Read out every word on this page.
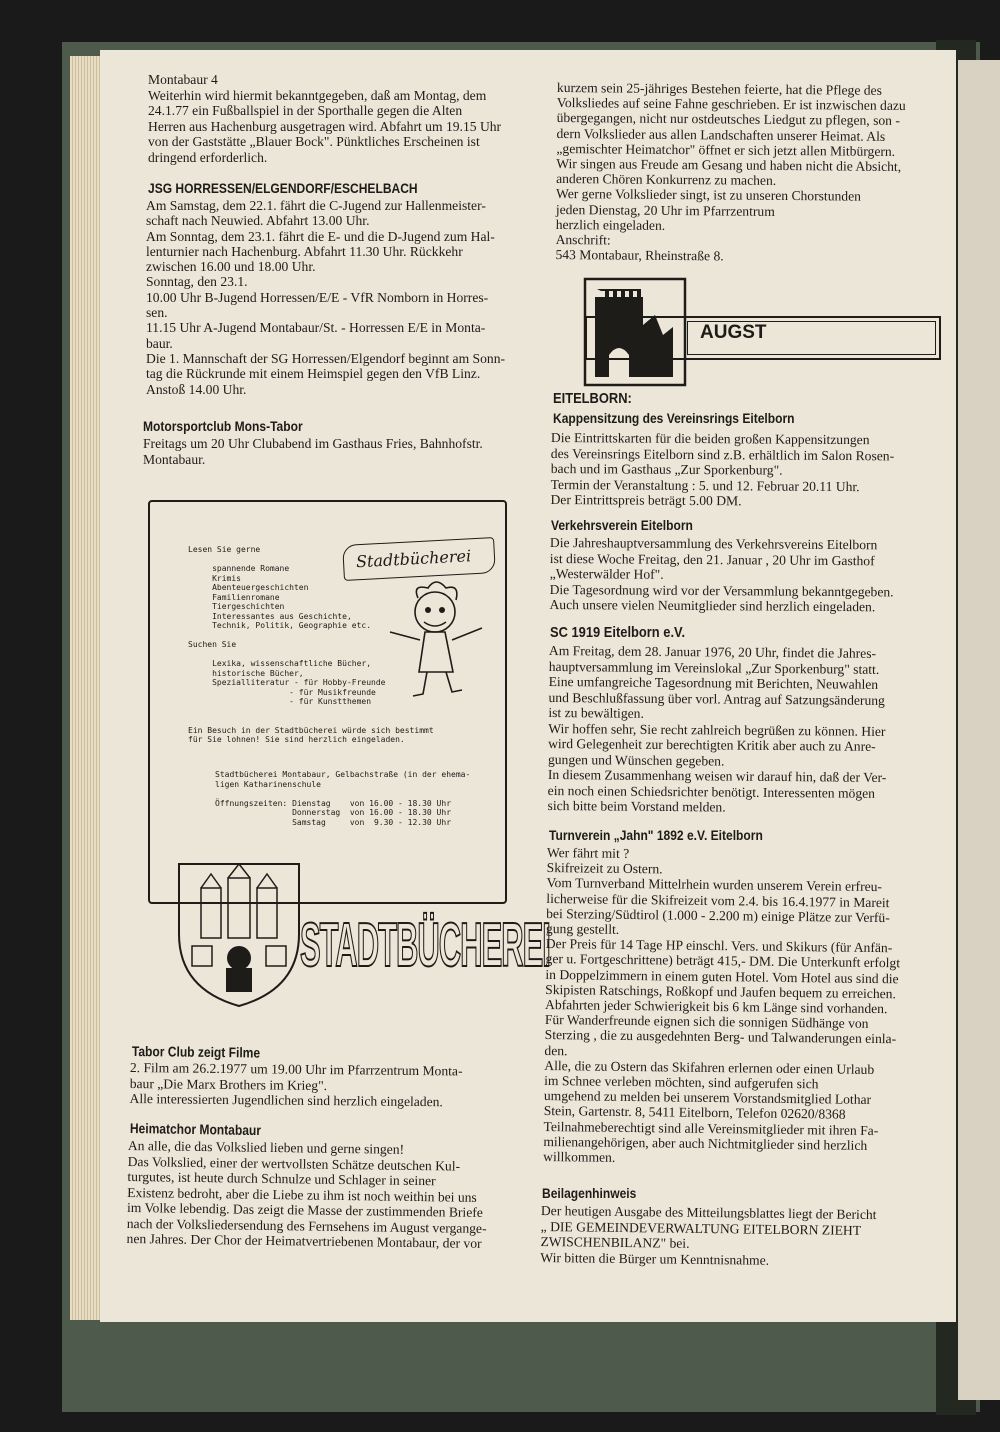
Montabaur 4

Weiterhin wird hiermit bekanntgegeben, daß am Montag, dem

24.1.77 ein Fußballspiel in der Sporthalle gegen die Alten

Herren aus Hachenburg ausgetragen wird. Abfahrt um 19.15 Uhr

von der Gaststätte „Blauer Bock". Pünktliches Erscheinen ist

dringend erforderlich.

JSG HORRESSEN/ELGENDORF/ESCHELBACH

Am Samstag, dem 22.1. fährt die C-Jugend zur Hallenmeister-

schaft nach Neuwied. Abfahrt 13.00 Uhr.

Am Sonntag, dem 23.1. fährt die E- und die D-Jugend zum Hal-

lenturnier nach Hachenburg. Abfahrt 11.30 Uhr. Rückkehr

zwischen 16.00 und 18.00 Uhr.

Sonntag, den 23.1.

10.00 Uhr B-Jugend Horressen/E/E - VfR Nomborn in Horres-

sen.

11.15 Uhr A-Jugend Montabaur/St. - Horressen E/E in Monta-

baur.

Die 1. Mannschaft der SG Horressen/Elgendorf beginnt am Sonn-

tag die Rückrunde mit einem Heimspiel gegen den VfB Linz.

Anstoß 14.00 Uhr.

Motorsportclub Mons-Tabor

Freitags um 20 Uhr Clubabend im Gasthaus Fries, Bahnhofstr.

Montabaur.

Lesen Sie gerne

spannende Romane
Krimis
Abenteuergeschichten
Familienromane
Tiergeschichten
Interessantes aus Geschichte,
Technik, Politik, Geographie etc.

Suchen Sie

Lexika, wissenschaftliche Bücher,
historische Bücher,
Spezialliteratur - für Hobby-Freunde
- für Musikfreunde
- für Kunstthemen

Ein Besuch in der Stadtbücherei würde sich bestimmt
für Sie lohnen! Sie sind herzlich eingeladen.
Stadtbücherei Montabaur, Gelbachstraße (in der ehema-
ligen Katharinenschule

Öffnungszeiten: Dienstag    von 16.00 - 18.30 Uhr
Donnerstag  von 16.00 - 18.30 Uhr
Samstag     von  9.30 - 12.30 Uhr
Stadtbücherei
STADTBÜCHEREI
Tabor Club zeigt Filme

2. Film am 26.2.1977 um 19.00 Uhr im Pfarrzentrum Monta-

baur „Die Marx Brothers im Krieg".

Alle interessierten Jugendlichen sind herzlich eingeladen.

Heimatchor Montabaur

An alle, die das Volkslied lieben und gerne singen!

Das Volkslied, einer der wertvollsten Schätze deutschen Kul-

turgutes, ist heute durch Schnulze und Schlager in seiner

Existenz bedroht, aber die Liebe zu ihm ist noch weithin bei uns

im Volke lebendig. Das zeigt die Masse der zustimmenden Briefe

nach der Volksliedersendung des Fernsehens im August vergange-

nen Jahres. Der Chor der Heimatvertriebenen Montabaur, der vor

kurzem sein 25-jähriges Bestehen feierte, hat die Pflege des

Volksliedes auf seine Fahne geschrieben. Er ist inzwischen dazu

übergegangen, nicht nur ostdeutsches Liedgut zu pflegen, son -

dern Volkslieder aus allen Landschaften unserer Heimat. Als

„gemischter Heimatchor" öffnet er sich jetzt allen Mitbürgern.

Wir singen aus Freude am Gesang und haben nicht die Absicht,

anderen Chören Konkurrenz zu machen.

Wer gerne Volkslieder singt, ist zu unseren Chorstunden

jeden Dienstag, 20 Uhr im Pfarrzentrum

herzlich eingeladen.

Anschrift:

543 Montabaur, Rheinstraße 8.

AUGST
EITELBORN:
Kappensitzung des Vereinsrings Eitelborn

Die Eintrittskarten für die beiden großen Kappensitzungen

des Vereinsrings Eitelborn sind z.B. erhältlich im Salon Rosen-

bach und im Gasthaus „Zur Sporkenburg".

Termin der Veranstaltung : 5. und 12. Februar 20.11 Uhr.

Der Eintrittspreis beträgt 5.00 DM.

Verkehrsverein Eitelborn

Die Jahreshauptversammlung des Verkehrsvereins Eitelborn

ist diese Woche Freitag, den 21. Januar , 20 Uhr im Gasthof

„Westerwälder Hof".

Die Tagesordnung wird vor der Versammlung bekanntgegeben.

Auch unsere vielen Neumitglieder sind herzlich eingeladen.

SC 1919 Eitelborn e.V.

Am Freitag, dem 28. Januar 1976, 20 Uhr, findet die Jahres-

hauptversammlung im Vereinslokal „Zur Sporkenburg" statt.

Eine umfangreiche Tagesordnung mit Berichten, Neuwahlen

und Beschlußfassung über vorl. Antrag auf Satzungsänderung

ist zu bewältigen.

Wir hoffen sehr, Sie recht zahlreich begrüßen zu können. Hier

wird Gelegenheit zur berechtigten Kritik aber auch zu Anre-

gungen und Wünschen gegeben.

In diesem Zusammenhang weisen wir darauf hin, daß der Ver-

ein noch einen Schiedsrichter benötigt. Interessenten mögen

sich bitte beim Vorstand melden.

Turnverein „Jahn" 1892 e.V. Eitelborn

Wer fährt mit ?

Skifreizeit zu Ostern.

Vom Turnverband Mittelrhein wurden unserem Verein erfreu-

licherweise für die Skifreizeit vom 2.4. bis 16.4.1977 in Mareit

bei Sterzing/Südtirol (1.000 - 2.200 m) einige Plätze zur Verfü-

gung gestellt.

Der Preis für 14 Tage HP einschl. Vers. und Skikurs (für Anfän-

ger u. Fortgeschrittene) beträgt 415,- DM. Die Unterkunft erfolgt

in Doppelzimmern in einem guten Hotel. Vom Hotel aus sind die

Skipisten Ratschings, Roßkopf und Jaufen bequem zu erreichen.

Abfahrten jeder Schwierigkeit bis 6 km Länge sind vorhanden.

Für Wanderfreunde eignen sich die sonnigen Südhänge von

Sterzing , die zu ausgedehnten Berg- und Talwanderungen einla-

den.

Alle, die zu Ostern das Skifahren erlernen oder einen Urlaub

im Schnee verleben möchten, sind aufgerufen sich

umgehend zu melden bei unserem Vorstandsmitglied Lothar

Stein, Gartenstr. 8, 5411 Eitelborn, Telefon 02620/8368

Teilnahmeberechtigt sind alle Vereinsmitglieder mit ihren Fa-

milienangehörigen, aber auch Nichtmitglieder sind herzlich

willkommen.

Beilagenhinweis

Der heutigen Ausgabe des Mitteilungsblattes liegt der Bericht

„ DIE GEMEINDEVERWALTUNG EITELBORN ZIEHT

ZWISCHENBILANZ" bei.

Wir bitten die Bürger um Kenntnisnahme.
